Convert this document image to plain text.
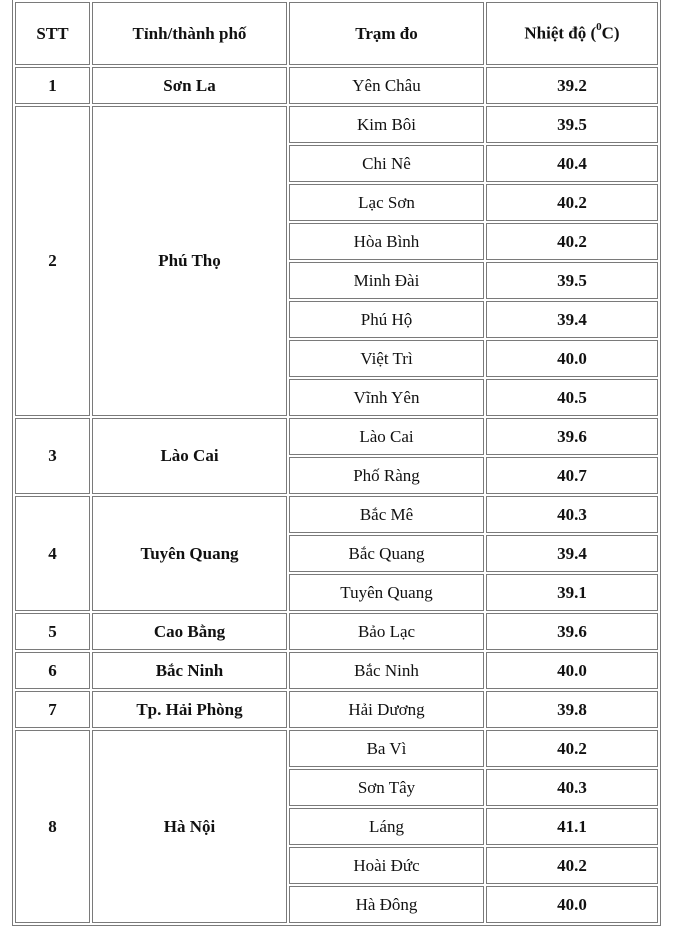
STT	Tỉnh/thành phố	Trạm đo	Nhiệt độ ($^0$C)
1	Sơn La	Yên Châu	39.2
2	Phú Thọ	Kim Bôi	39.5
		Chi Nê	40.4
		Lạc Sơn	40.2
		Hòa Bình	40.2
		Minh Đài	39.5
		Phú Hộ	39.4
		Việt Trì	40.0
		Vĩnh Yên	40.5
3	Lào Cai	Lào Cai	39.6
		Phố Ràng	40.7
4	Tuyên Quang	Bắc Mê	40.3
		Bắc Quang	39.4
		Tuyên Quang	39.1
5	Cao Bằng	Bảo Lạc	39.6
6	Bắc Ninh	Bắc Ninh	40.0
7	Tp. Hải Phòng	Hải Dương	39.8
8	Hà Nội	Ba Vì	40.2
		Sơn Tây	40.3
		Láng	41.1
		Hoài Đức	40.2
		Hà Đông	40.0
